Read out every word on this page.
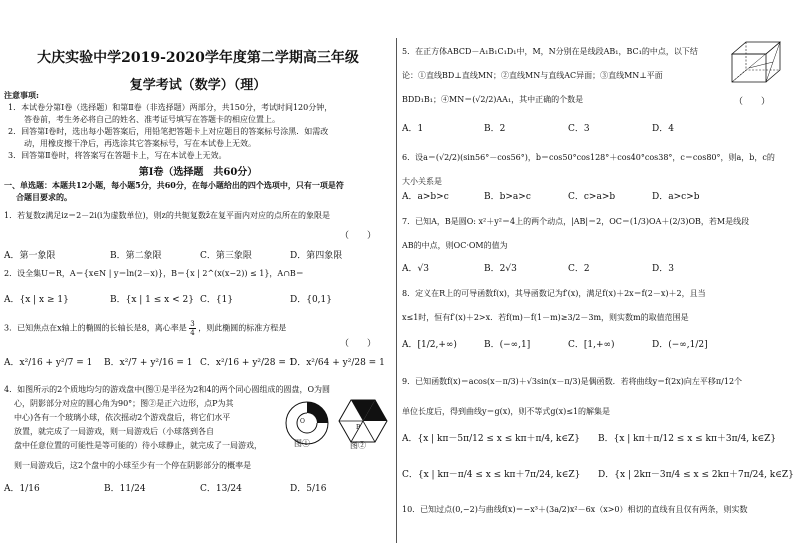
大庆实验中学2019-2020学年度第二学期高三年级
复学考试（数学）（理）
注意事项:
1．本试卷分第Ⅰ卷（选择题）和第Ⅱ卷（非选择题）两部分，共150分，考试时间120分钟，
答卷前，考生务必将自己的姓名、准考证号填写在答题卡的相应位置上。
2．回答第Ⅰ卷时，选出每小题答案后，用铅笔把答题卡上对应题目的答案标号涂黑．如需改
动，用橡皮擦干净后，再选涂其它答案标号，写在本试卷上无效。
3．回答第Ⅱ卷时，将答案写在答题卡上，写在本试卷上无效。
第Ⅰ卷（选择题　共60分）
一、单选题：本题共12小题，每小题5分，共60分，在每小题给出的四个选项中，只有一项是符
合题目要求的。
1．若复数z满足iz＝2－2i(i为虚数单位)，则z的共轭复数z̄在复平面内对应的点所在的象限是
（　　）
A．第一象限	B．第二象限	C．第三象限	D．第四象限
2．设全集U＝R，A＝{x∈N | y＝ln(2－x)}，B＝{x | 2^(x(x−2)) ≤ 1}，A∩B＝
A．{x | x ≥ 1}	B．{x | 1 ≤ x < 2} C．{1}	D．{0,1}
3．已知焦点在x轴上的椭圆的长轴长是8，离心率是 $\frac{3}{4}$ ，则此椭圆的标准方程是
（　　）
A．x²/16 + y²/7 = 1 B．x²/7 + y²/16 = 1 C．x²/16 + y²/28 = 1
D．x²/64 + y²/28 = 1
4．如图所示的2个质地均匀的游戏盘中(图①是半径为2和4的两个同心圆组成的圆盘，O为圆
心，阴影部分对应的圆心角为90°；图②是正六边形，点P为其
中心)各有一个玻璃小球，依次摇动2个游戏盘后，将它们水平
放置，就完成了一局游戏，则一局游戏后（小球落到各自
盘中任意位置的可能性是等可能的）待小球静止，就完成了一局游戏，
则一局游戏后，这2个盘中的小球至少有一个停在阴影部分的概率是
图①
O
P
图②
A．1/16	B．11/24	C．13/24	D．5/16
5．在正方体ABCD－A₁B₁C₁D₁中，M，N分别在是线段AB₁，BC₁的中点，以下结
论：①直线BD⊥直线MN；②直线MN与直线AC异面；③直线MN⊥平面
BDD₁B₁；④MN＝(√2/2)AA₁，其中正确的个数是	（　　）
A．1	B．2	C．3	D．4
6．设a＝(√2/2)(sin56°－cos56°)，b＝cos50°cos128°＋cos40°cos38°，c＝cos80°，则a，b，c的
大小关系是
A．a>b>c	B．b>a>c	C．c>a>b	D．a>c>b
7．已知A，B是圆O: x²＋y²＝4上的两个动点，|AB|＝2，OC＝(1/3)OA＋(2/3)OB，若M是线段
AB的中点，则OC·OM的值为
A．√3	B．2√3	C．2	D．3
8．定义在R上的可导函数f(x)，其导函数记为f′(x)，满足f(x)＋2x＝f(2－x)＋2，且当
x≤1时，恒有f′(x)＋2>x．若f(m)－f(1－m)≥3/2－3m，则实数m的取值范围是
A．[1/2,+∞)	B．(−∞,1]	C．[1,+∞)	D．(−∞,1/2]
9．已知函数f(x)＝acos(x－π/3)＋√3sin(x－π/3)是偶函数．若将曲线y＝f(2x)向左平移π/12个
单位长度后，得到曲线y＝g(x)，则不等式g(x)≤1的解集是
A．{x | kπ－5π/12 ≤ x ≤ kπ＋π/4, k∈Z} B．{x | kπ＋π/12 ≤ x ≤ kπ＋3π/4, k∈Z}
C．{x | kπ－π/4 ≤ x ≤ kπ＋7π/24, k∈Z} D．{x | 2kπ－3π/4 ≤ x ≤ 2kπ＋7π/24, k∈Z}
10．已知过点(0,−2)与曲线f(x)＝−x³＋(3a/2)x²－6x（x>0）相切的直线有且仅有两条，则实数
